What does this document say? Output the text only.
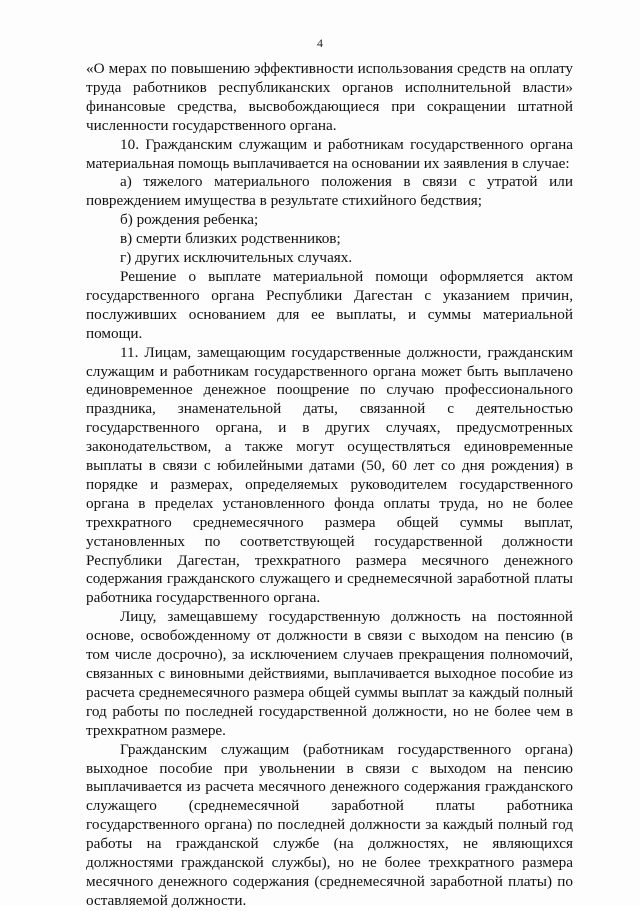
4

«О мерах по повышению эффективности использования средств на оплату труда работников республиканских органов исполнительной власти» финансовые средства, высвобождающиеся при сокращении штатной численности государственного органа.

10. Гражданским служащим и работникам государственного органа материальная помощь выплачивается на основании их заявления в случае:

а) тяжелого материального положения в связи с утратой или повреждением имущества в результате стихийного бедствия;

б) рождения ребенка;

в) смерти близких родственников;

г) других исключительных случаях.

Решение о выплате материальной помощи оформляется актом государственного органа Республики Дагестан с указанием причин, послуживших основанием для ее выплаты, и суммы материальной помощи.

11. Лицам, замещающим государственные должности, гражданским служащим и работникам государственного органа может быть выплачено единовременное денежное поощрение по случаю профессионального праздника, знаменательной даты, связанной с деятельностью государственного органа, и в других случаях, предусмотренных законодательством, а также могут осуществляться единовременные выплаты в связи с юбилейными датами (50, 60 лет со дня рождения) в порядке и размерах, определяемых руководителем государственного органа в пределах установленного фонда оплаты труда, но не более трехкратного среднемесячного размера общей суммы выплат, установленных по соответствующей государственной должности Республики Дагестан, трехкратного размера месячного денежного содержания гражданского служащего и среднемесячной заработной платы работника государственного органа.

Лицу, замещавшему государственную должность на постоянной основе, освобожденному от должности в связи с выходом на пенсию (в том числе досрочно), за исключением случаев прекращения полномочий, связанных с виновными действиями, выплачивается выходное пособие из расчета среднемесячного размера общей суммы выплат за каждый полный год работы по последней государственной должности, но не более чем в трехкратном размере.

Гражданским служащим (работникам государственного органа) выходное пособие при увольнении в связи с выходом на пенсию выплачивается из расчета месячного денежного содержания гражданского служащего (среднемесячной заработной платы работника государственного органа) по последней должности за каждый полный год работы на гражданской службе (на должностях, не являющихся должностями гражданской службы), но не более трехкратного размера месячного денежного содержания (среднемесячной заработной платы) по оставляемой должности.
